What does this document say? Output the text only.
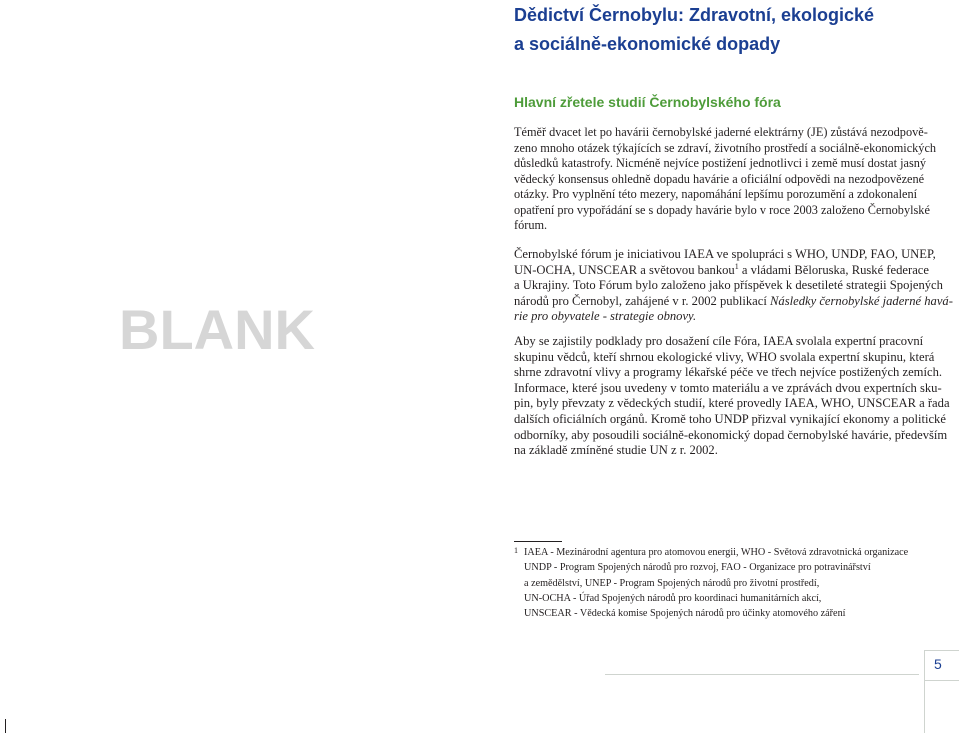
Dědictví Černobylu: Zdravotní, ekologické
a sociálně-ekonomické dopady
Hlavní zřetele studií Černobylského fóra
BLANK

Téměř dvacet let po havárii černobylské jaderné elektrárny (JE) zůstává nezodpově-
zeno mnoho otázek týkajících se zdraví, životního prostředí a sociálně-ekonomických
důsledků katastrofy. Nicméně nejvíce postižení jednotlivci i země musí dostat jasný
vědecký konsensus ohledně dopadu havárie a oficiální odpovědi na nezodpovězené
otázky. Pro vyplnění této mezery, napomáhání lepšímu porozumění a zdokonalení
opatření pro vypořádání se s dopady havárie bylo v roce 2003 založeno Černobylské
fórum.

Černobylské fórum je iniciativou IAEA ve spolupráci s WHO, UNDP, FAO, UNEP,
UN-OCHA, UNSCEAR a světovou bankou$^1$ a vládami Běloruska, Ruské federace
a Ukrajiny. Toto Fórum bylo založeno jako příspěvek k desetileté strategii Spojených
národů pro Černobyl, zahájené v r. 2002 publikací Následky černobylské jaderné havá-
rie pro obyvatele - strategie obnovy.

Aby se zajistily podklady pro dosažení cíle Fóra, IAEA svolala expertní pracovní
skupinu vědců, kteří shrnou ekologické vlivy, WHO svolala expertní skupinu, která
shrne zdravotní vlivy a programy lékařské péče ve třech nejvíce postižených zemích.
Informace, které jsou uvedeny v tomto materiálu a ve zprávách dvou expertních sku-
pin, byly převzaty z vědeckých studií, které provedly IAEA, WHO, UNSCEAR a řada
dalších oficiálních orgánů. Kromě toho UNDP přizval vynikající ekonomy a politické
odborníky, aby posoudili sociálně-ekonomický dopad černobylské havárie, především
na základě zmíněné studie UN z r. 2002.

1 IAEA - Mezinárodní agentura pro atomovou energii, WHO - Světová zdravotnická organizace
UNDP - Program Spojených národů pro rozvoj, FAO - Organizace pro potravinářství
a zemědělství, UNEP - Program Spojených národů pro životní prostředí,
UN-OCHA - Úřad Spojených národů pro koordinaci humanitárních akcí,
UNSCEAR - Vědecká komise Spojených národů pro účinky atomového záření
5
